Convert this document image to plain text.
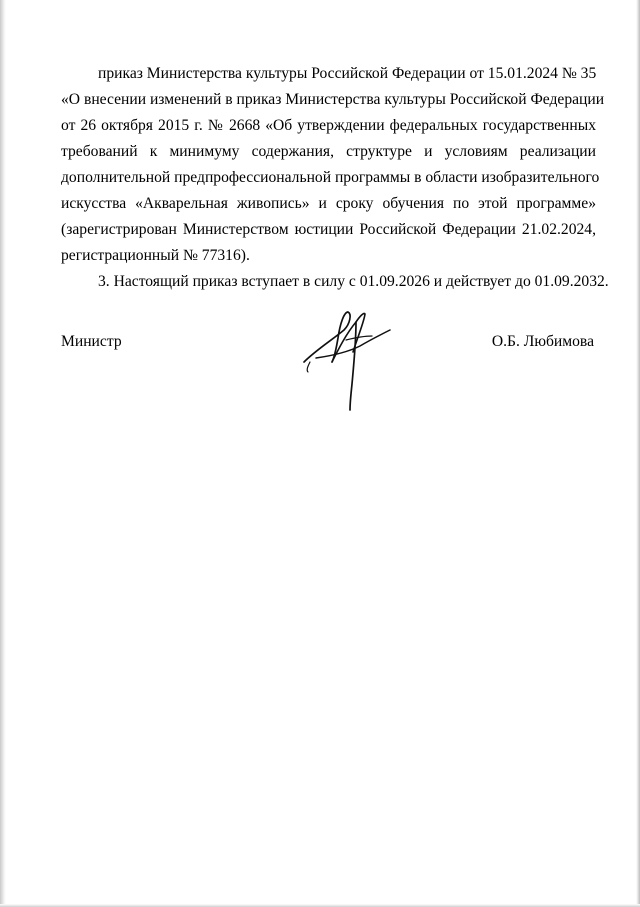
приказ Министерства культуры Российской Федерации от 15.01.2024 № 35
«О внесении изменений в приказ Министерства культуры Российской Федерации
от 26 октября 2015 г. № 2668 «Об утверждении федеральных государственных
требований к минимуму содержания, структуре и условиям реализации
дополнительной предпрофессиональной программы в области изобразительного
искусства «Акварельная живопись» и сроку обучения по этой программе»
(зарегистрирован Министерством юстиции Российской Федерации 21.02.2024,
регистрационный № 77316).
3. Настоящий приказ вступает в силу с 01.09.2026 и действует до 01.09.2032.
Министр	О.Б. Любимова
